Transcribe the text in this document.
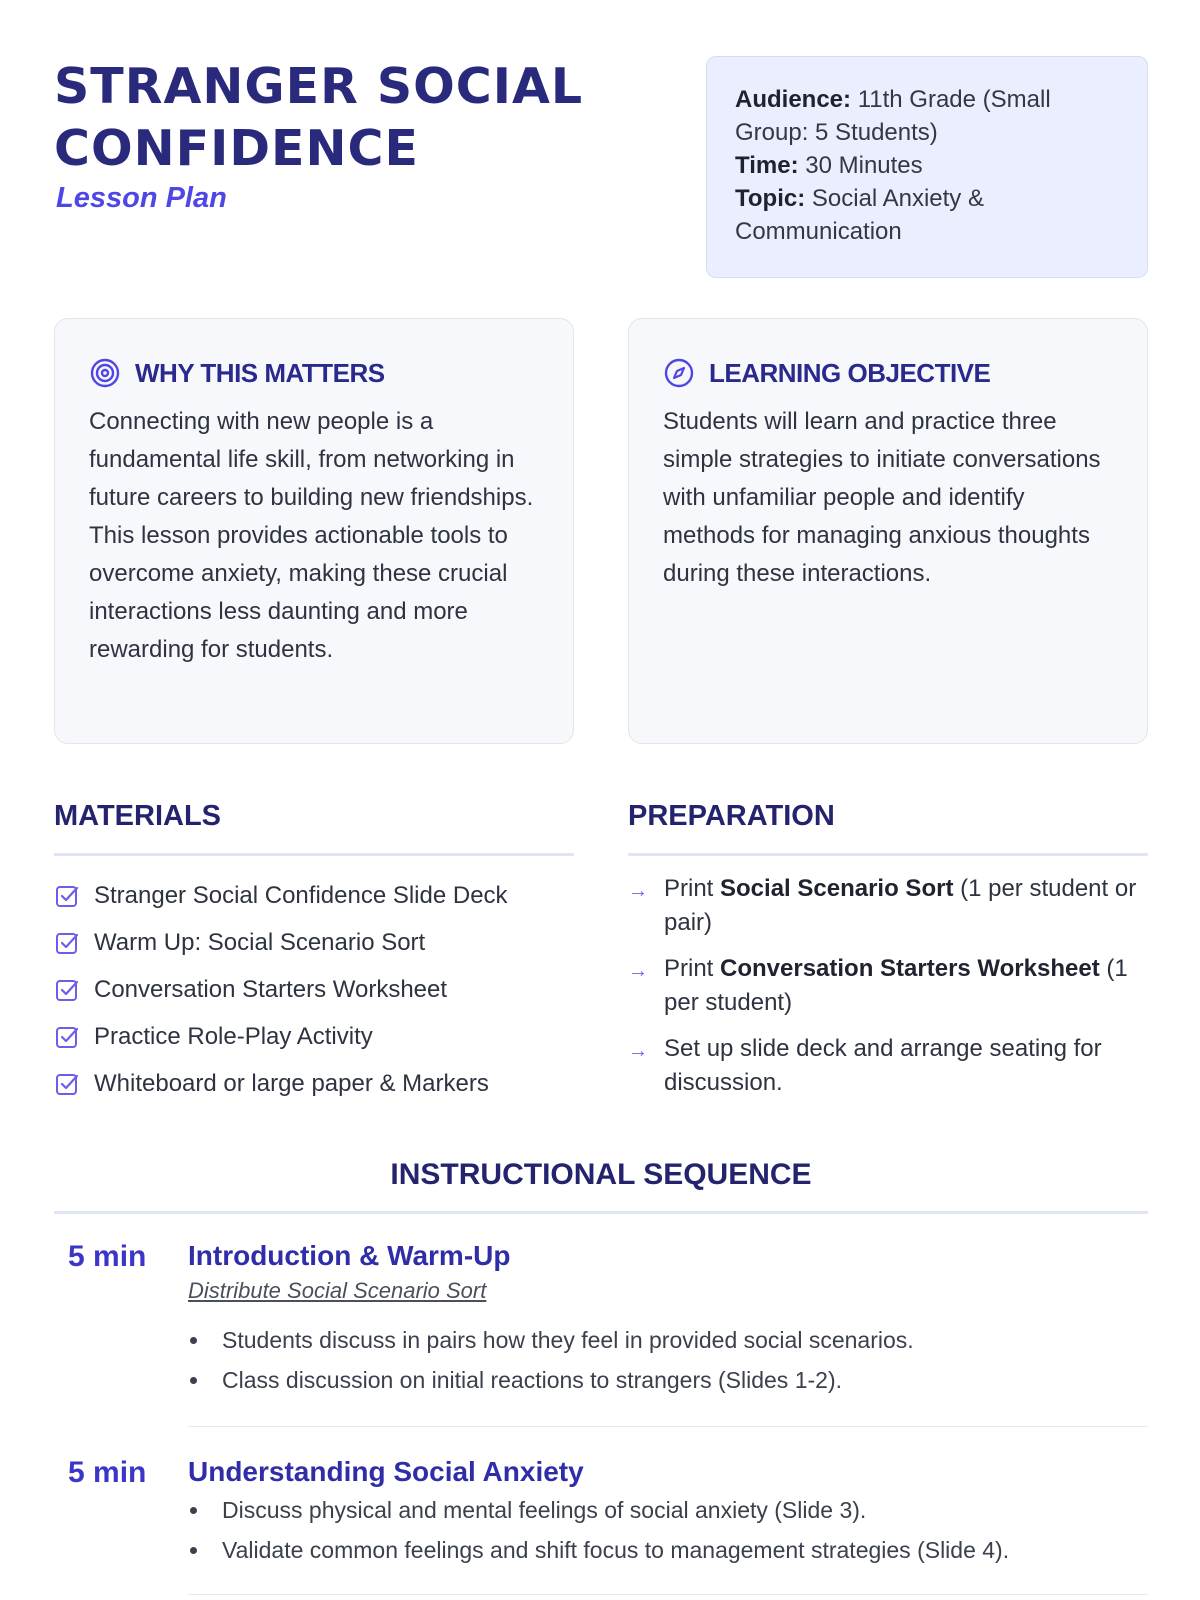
STRANGER SOCIAL CONFIDENCE
Lesson Plan
Audience: 11th Grade (Small Group: 5 Students)
Time: 30 Minutes
Topic: Social Anxiety & Communication
WHY THIS MATTERS

Connecting with new people is a fundamental life skill, from networking in future careers to building new friendships. This lesson provides actionable tools to overcome anxiety, making these crucial interactions less daunting and more rewarding for students.

LEARNING OBJECTIVE

Students will learn and practice three simple strategies to initiate conversations with unfamiliar people and identify methods for managing anxious thoughts during these interactions.

MATERIALS
Stranger Social Confidence Slide Deck
Warm Up: Social Scenario Sort
Conversation Starters Worksheet
Practice Role-Play Activity
Whiteboard or large paper & Markers
PREPARATION
→ Print Social Scenario Sort (1 per student or pair)
→ Print Conversation Starters Worksheet (1 per student)
→ Set up slide deck and arrange seating for discussion.
INSTRUCTIONAL SEQUENCE
5 min Introduction & Warm-Up
Distribute Social Scenario Sort
Students discuss in pairs how they feel in provided social scenarios.
Class discussion on initial reactions to strangers (Slides 1-2).
5 min Understanding Social Anxiety
Discuss physical and mental feelings of social anxiety (Slide 3).
Validate common feelings and shift focus to management strategies (Slide 4).
